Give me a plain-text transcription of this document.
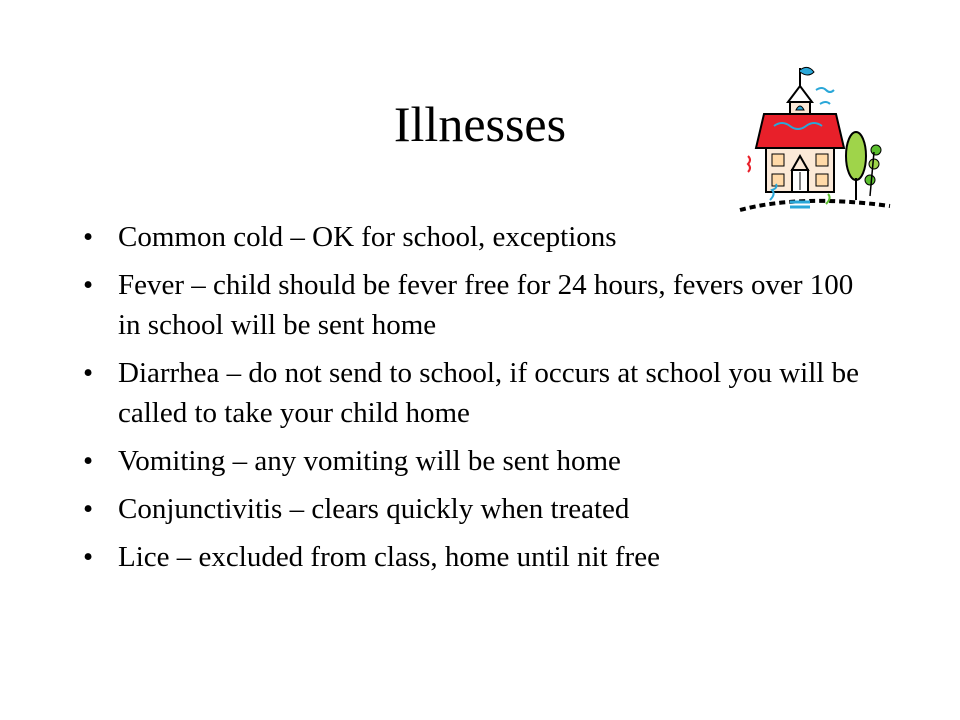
Illnesses
• Common cold – OK for school, exceptions
• Fever – child should be fever free for 24 hours, fevers over 100 in school will be sent home
• Diarrhea – do not send to school, if occurs at school you will be called to take your child home
• Vomiting – any vomiting will be sent home
• Conjunctivitis – clears quickly when treated
• Lice – excluded from class, home until nit free
